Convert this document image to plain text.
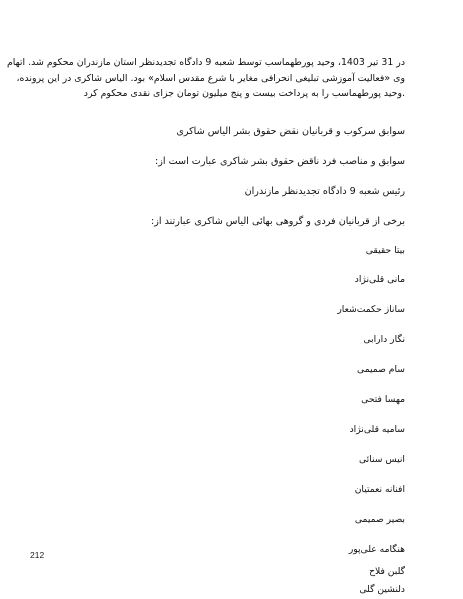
در 31 تیر 1403، وحید پورطهماسب توسط شعبه 9 دادگاه تجدیدنظر استان مازندران محکوم شد. اتهام
وی «فعالیت آموزشی تبلیغی انحرافی مغایر با شرع مقدس اسلام» بود. الیاس شاکری در این پرونده،
.وحید پورطهماسب را به پرداخت بیست و پنج میلیون تومان جزای نقدی محکوم کرد
سوابق سرکوب و قربانیان نقض حقوق بشر الیاس شاکری
سوابق و مناصب فرد ناقض حقوق بشر شاکری عبارت است از:
رئیس شعبه 9 دادگاه تجدیدنظر مازندران
برخی از قربانیان فردی و گروهی بهائی الیاس شاکری عبارتند از:
بیتا حقیقی
مانی قلی‌نژاد
ساناز حکمت‌شعار
نگار دارابی
سام صمیمی
مهسا فتحی
سامیه قلی‌نژاد
انیس سنائی
افنانه نعمتیان
بصیر صمیمی
هنگامه علی‌پور
گلبن فلاح
دلنشین گلی
212
